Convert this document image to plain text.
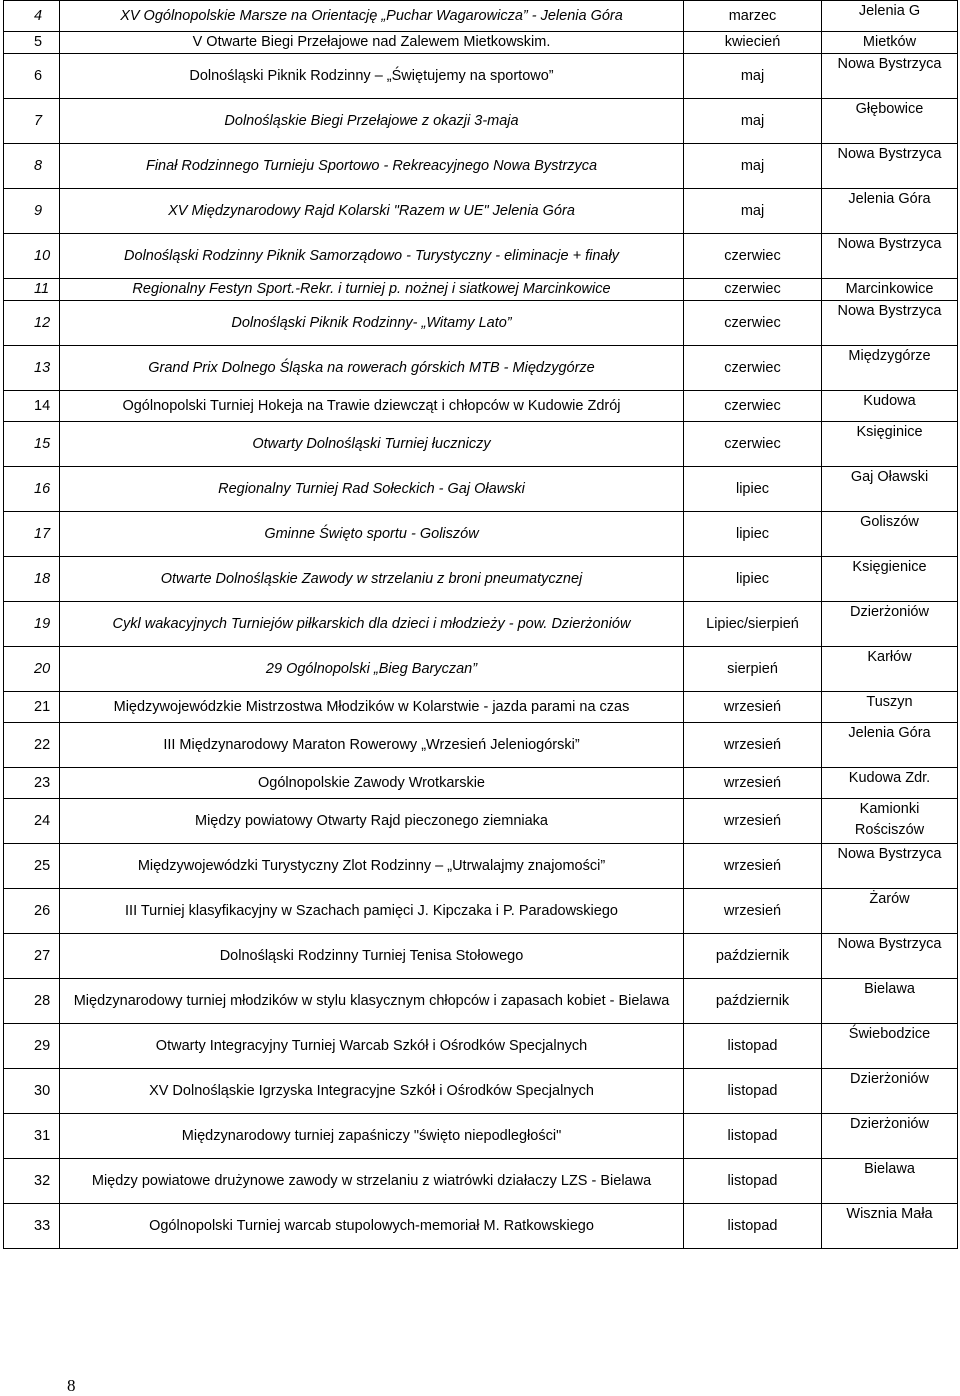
4	XV Ogólnopolskie Marsze na Orientację „Puchar Wagarowicza” - Jelenia Góra	marzec	Jelenia G
5	V Otwarte Biegi Przełajowe nad Zalewem Mietkowskim.	kwiecień	Mietków
6	Dolnośląski Piknik Rodzinny – „Świętujemy na sportowo”	maj	Nowa Bystrzyca
7	Dolnośląskie Biegi Przełajowe z okazji 3-maja	maj	Głębowice
8	Finał Rodzinnego Turnieju Sportowo - Rekreacyjnego Nowa Bystrzyca	maj	Nowa Bystrzyca
9	XV Międzynarodowy Rajd Kolarski "Razem w UE" Jelenia Góra	maj	Jelenia Góra
10	Dolnośląski Rodzinny Piknik Samorządowo - Turystyczny - eliminacje + finały	czerwiec	Nowa Bystrzyca
11	Regionalny Festyn Sport.-Rekr. i turniej p. nożnej i siatkowej Marcinkowice	czerwiec	Marcinkowice
12	Dolnośląski Piknik Rodzinny- „Witamy Lato”	czerwiec	Nowa Bystrzyca
13	Grand Prix Dolnego Śląska na rowerach górskich MTB - Międzygórze	czerwiec	Międzygórze
14	Ogólnopolski Turniej Hokeja na Trawie dziewcząt i chłopców w Kudowie Zdrój	czerwiec	Kudowa
15	Otwarty Dolnośląski Turniej łuczniczy	czerwiec	Księginice
16	Regionalny Turniej Rad Sołeckich - Gaj Oławski	lipiec	Gaj Oławski
17	Gminne Święto sportu - Goliszów	lipiec	Goliszów
18	Otwarte Dolnośląskie Zawody w strzelaniu z broni pneumatycznej	lipiec	Księgienice
19	Cykl wakacyjnych Turniejów piłkarskich dla dzieci i młodzieży - pow. Dzierżoniów	Lipiec/sierpień	Dzierżoniów
20	29 Ogólnopolski „Bieg Baryczan”	sierpień	Karłów
21	Międzywojewódzkie Mistrzostwa Młodzików w Kolarstwie - jazda parami na czas	wrzesień	Tuszyn
22	III Międzynarodowy Maraton Rowerowy „Wrzesień Jeleniogórski”	wrzesień	Jelenia Góra
23	Ogólnopolskie Zawody Wrotkarskie	wrzesień	Kudowa Zdr.
24	Między powiatowy Otwarty Rajd pieczonego ziemniaka	wrzesień	Kamionki Rościszów
25	Międzywojewódzki Turystyczny Zlot Rodzinny – „Utrwalajmy znajomości”	wrzesień	Nowa Bystrzyca
26	III Turniej klasyfikacyjny w Szachach pamięci J. Kipczaka i P. Paradowskiego	wrzesień	Żarów
27	Dolnośląski Rodzinny Turniej Tenisa Stołowego	październik	Nowa Bystrzyca
28	Międzynarodowy turniej młodzików w stylu klasycznym chłopców i zapasach kobiet - Bielawa	październik	Bielawa
29	Otwarty Integracyjny Turniej Warcab Szkół i Ośrodków Specjalnych	listopad	Świebodzice
30	XV Dolnośląskie Igrzyska Integracyjne Szkół i Ośrodków Specjalnych	listopad	Dzierżoniów
31	Międzynarodowy turniej zapaśniczy "święto niepodległości"	listopad	Dzierżoniów
32	Między powiatowe drużynowe zawody w strzelaniu z wiatrówki działaczy LZS - Bielawa	listopad	Bielawa
33	Ogólnopolski Turniej warcab stupolowych-memoriał M. Ratkowskiego	listopad	Wisznia Mała
8
